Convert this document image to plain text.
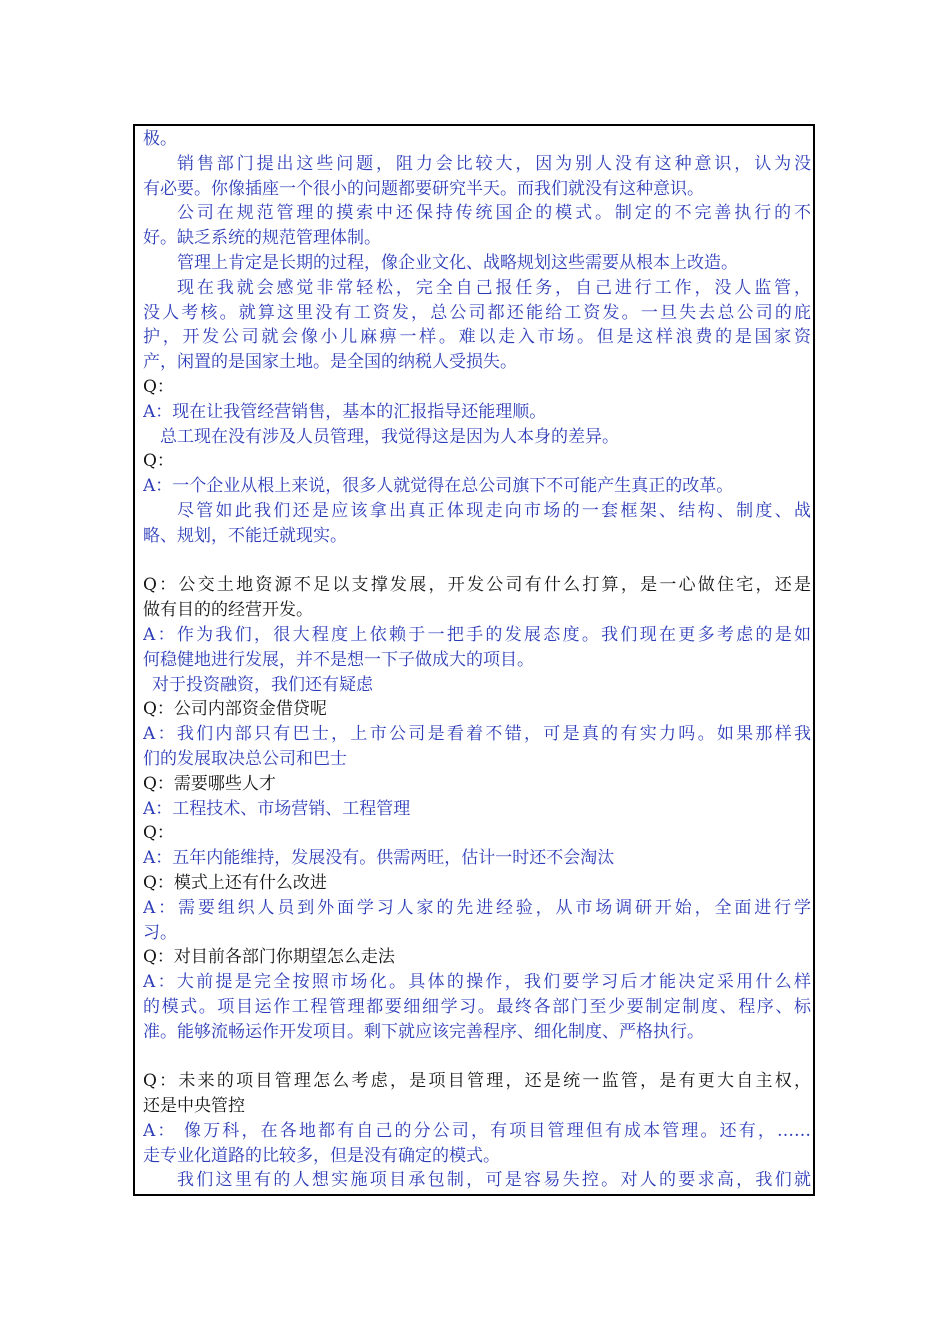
极。
销售部门提出这些问题，阻力会比较大，因为别人没有这种意识，认为没
有必要。你像插座一个很小的问题都要研究半天。而我们就没有这种意识。
公司在规范管理的摸索中还保持传统国企的模式。制定的不完善执行的不
好。缺乏系统的规范管理体制。
管理上肯定是长期的过程，像企业文化、战略规划这些需要从根本上改造。
现在我就会感觉非常轻松，完全自己报任务，自己进行工作，没人监管，
没人考核。就算这里没有工资发，总公司都还能给工资发。一旦失去总公司的庇
护，开发公司就会像小儿麻痹一样。难以走入市场。但是这样浪费的是国家资
产，闲置的是国家土地。是全国的纳税人受损失。
Q：
A：现在让我管经营销售，基本的汇报指导还能理顺。
总工现在没有涉及人员管理，我觉得这是因为人本身的差异。
Q：
A：一个企业从根上来说，很多人就觉得在总公司旗下不可能产生真正的改革。
尽管如此我们还是应该拿出真正体现走向市场的一套框架、结构、制度、战
略、规划，不能迁就现实。
Q：公交土地资源不足以支撑发展，开发公司有什么打算，是一心做住宅，还是
做有目的的经营开发。
A：作为我们，很大程度上依赖于一把手的发展态度。我们现在更多考虑的是如
何稳健地进行发展，并不是想一下子做成大的项目。
对于投资融资，我们还有疑虑
Q：公司内部资金借贷呢
A：我们内部只有巴士，上市公司是看着不错，可是真的有实力吗。如果那样我
们的发展取决总公司和巴士
Q：需要哪些人才
A：工程技术、市场营销、工程管理
Q：
A：五年内能维持，发展没有。供需两旺，估计一时还不会淘汰
Q：模式上还有什么改进
A：需要组织人员到外面学习人家的先进经验，从市场调研开始，全面进行学
习。
Q：对目前各部门你期望怎么走法
A：大前提是完全按照市场化。具体的操作，我们要学习后才能决定采用什么样
的模式。项目运作工程管理都要细细学习。最终各部门至少要制定制度、程序、标
准。能够流畅运作开发项目。剩下就应该完善程序、细化制度、严格执行。
Q：未来的项目管理怎么考虑，是项目管理，还是统一监管，是有更大自主权，
还是中央管控
A： 像万科，在各地都有自己的分公司，有项目管理但有成本管理。还有，……
走专业化道路的比较多，但是没有确定的模式。
我们这里有的人想实施项目承包制，可是容易失控。对人的要求高，我们就
